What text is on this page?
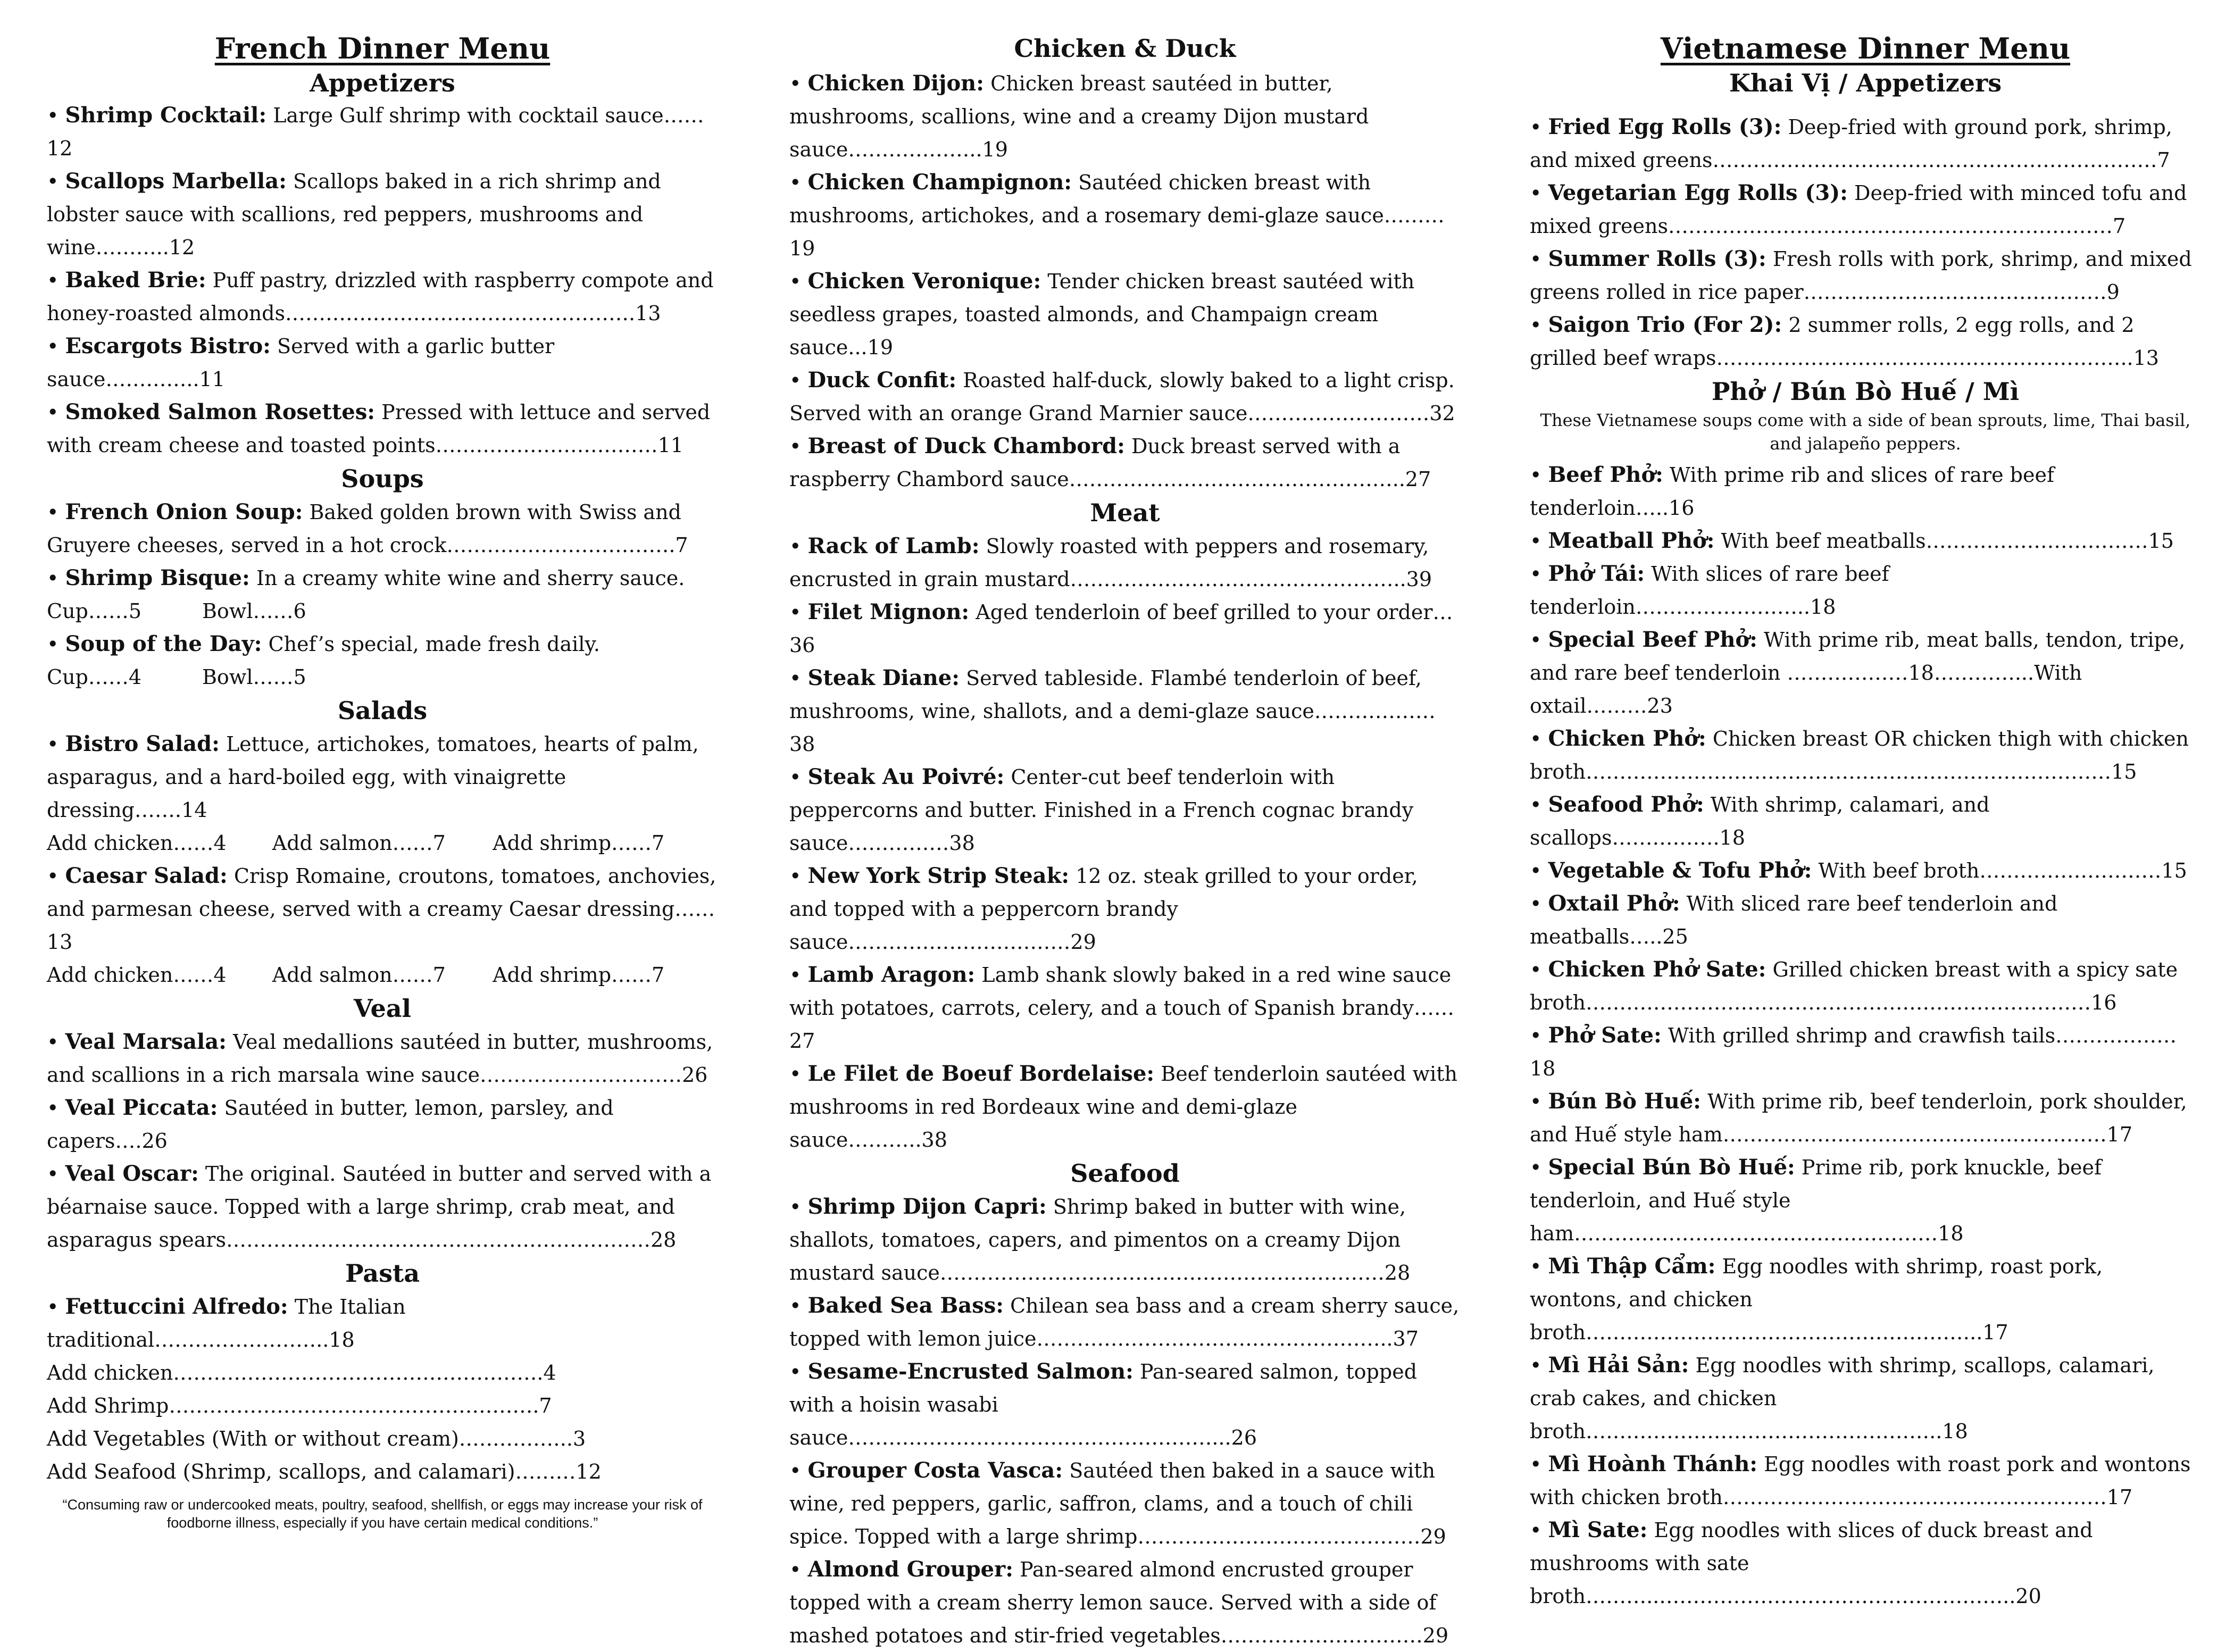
French Dinner Menu
Appetizers

• Shrimp Cocktail: Large Gulf shrimp with cocktail sauce……12

• Scallops Marbella: Scallops baked in a rich shrimp and lobster sauce with scallions, red peppers, mushrooms and wine………..12

• Baked Brie: Puff pastry, drizzled with raspberry compote and honey-roasted almonds…………………………………………….13

• Escargots Bistro: Served with a garlic butter sauce…………..11

• Smoked Salmon Rosettes: Pressed with lettuce and served with cream cheese and toasted points……………………………11

Soups

• French Onion Soup: Baked golden brown with Swiss and Gruyere cheeses, served in a hot crock…………………………….7

• Shrimp Bisque: In a creamy white wine and sherry sauce.

Cup……5	Bowl……6

• Soup of the Day: Chef’s special, made fresh daily.

Cup……4	Bowl……5
Salads

• Bistro Salad: Lettuce, artichokes, tomatoes, hearts of palm, asparagus, and a hard-boiled egg, with vinaigrette dressing…….14

Add chicken……4	Add salmon……7	Add shrimp……7

• Caesar Salad: Crisp Romaine, croutons, tomatoes, anchovies, and parmesan cheese, served with a creamy Caesar dressing……13

Add chicken……4	Add salmon……7	Add shrimp……7
Veal

• Veal Marsala: Veal medallions sautéed in butter, mushrooms, and scallions in a rich marsala wine sauce…………………………26

• Veal Piccata: Sautéed in butter, lemon, parsley, and capers….26

• Veal Oscar: The original. Sautéed in butter and served with a béarnaise sauce. Topped with a large shrimp, crab meat, and asparagus spears………………………………………………………28

Pasta

• Fettuccini Alfredo: The Italian traditional……………………..18

Add chicken……………………………………………….4

Add Shrimp……………………………………………….7

Add Vegetables (With or without cream)……………..3

Add Seafood (Shrimp, scallops, and calamari)………12

“Consuming raw or undercooked meats, poultry, seafood, shellfish, or eggs may increase your risk of foodborne illness, especially if you have certain medical conditions.”
Chicken & Duck

• Chicken Dijon: Chicken breast sautéed in butter, mushrooms, scallions, wine and a creamy Dijon mustard sauce………………..19

• Chicken Champignon: Sautéed chicken breast with mushrooms, artichokes, and a rosemary demi-glaze sauce………19

• Chicken Veronique: Tender chicken breast sautéed with seedless grapes, toasted almonds, and Champaign cream sauce...19

• Duck Confit: Roasted half-duck, slowly baked to a light crisp. Served with an orange Grand Marnier sauce………………………32

• Breast of Duck Chambord: Duck breast served with a raspberry Chambord sauce…………………………………………..27

Meat

• Rack of Lamb: Slowly roasted with peppers and rosemary, encrusted in grain mustard…………………………………………..39

• Filet Mignon: Aged tenderloin of beef grilled to your order…36

• Steak Diane: Served tableside. Flambé tenderloin of beef, mushrooms, wine, shallots, and a demi-glaze sauce………………38

• Steak Au Poivré: Center-cut beef tenderloin with peppercorns and butter. Finished in a French cognac brandy sauce……………38

• New York Strip Steak: 12 oz. steak grilled to your order, and topped with a peppercorn brandy sauce……………………………29

• Lamb Aragon: Lamb shank slowly baked in a red wine sauce with potatoes, carrots, celery, and a touch of Spanish brandy……27

• Le Filet de Boeuf Bordelaise: Beef tenderloin sautéed with mushrooms in red Bordeaux wine and demi-glaze sauce………..38

Seafood

• Shrimp Dijon Capri: Shrimp baked in butter with wine, shallots, tomatoes, capers, and pimentos on a creamy Dijon mustard sauce…………………………………………………………28

• Baked Sea Bass: Chilean sea bass and a cream sherry sauce, topped with lemon juice……………………………………………..37

• Sesame-Encrusted Salmon: Pan-seared salmon, topped with a hoisin wasabi sauce………………………………………………...26

• Grouper Costa Vasca: Sautéed then baked in a sauce with wine, red peppers, garlic, saffron, clams, and a touch of chili spice. Topped with a large shrimp……………………………………29

• Almond Grouper: Pan-seared almond encrusted grouper topped with a cream sherry lemon sauce. Served with a side of mashed potatoes and stir-fried vegetables…………………………29

Vietnamese Dinner Menu
Khai Vị / Appetizers

• Fried Egg Rolls (3): Deep-fried with ground pork, shrimp, and mixed greens…………………………………………………………7

• Vegetarian Egg Rolls (3): Deep-fried with minced tofu and mixed greens…………………………………………………………7

• Summer Rolls (3): Fresh rolls with pork, shrimp, and mixed greens rolled in rice paper………………………………………9

• Saigon Trio (For 2): 2 summer rolls, 2 egg rolls, and 2 grilled beef wraps……………………………………………………..13

Phở / Bún Bò Huế / Mì

These Vietnamese soups come with a side of bean sprouts, lime, Thai basil, and jalapeño peppers.

• Beef Phở: With prime rib and slices of rare beef tenderloin…..16

• Meatball Phở: With beef meatballs……………………………15

• Phở Tái: With slices of rare beef tenderloin……………………..18

• Special Beef Phở: With prime rib, meat balls, tendon, tripe, and rare beef tenderloin ………………18…………...With oxtail………23

• Chicken Phở: Chicken breast OR chicken thigh with chicken broth……………………………………………………………………15

• Seafood Phở: With shrimp, calamari, and scallops…………….18

• Vegetable & Tofu Phở: With beef broth………………………15

• Oxtail Phở: With sliced rare beef tenderloin and meatballs…..25

• Chicken Phở Sate: Grilled chicken breast with a spicy sate broth…………………………………………………………………16

• Phở Sate: With grilled shrimp and crawfish tails………………18

• Bún Bò Huế: With prime rib, beef tenderloin, pork shoulder, and Huế style ham…………………………………………………17

• Special Bún Bò Huế: Prime rib, pork knuckle, beef tenderloin, and Huế style ham………………………………………………18

• Mì Thập Cẩm: Egg noodles with shrimp, roast pork, wontons, and chicken broth…………………………………………………..17

• Mì Hải Sản: Egg noodles with shrimp, scallops, calamari, crab cakes, and chicken broth……………………………………………..18

• Mì Hoành Thánh: Egg noodles with roast pork and wontons with chicken broth…………………………………………………17

• Mì Sate: Egg noodles with slices of duck breast and mushrooms with sate broth………..……………………………………………..20
